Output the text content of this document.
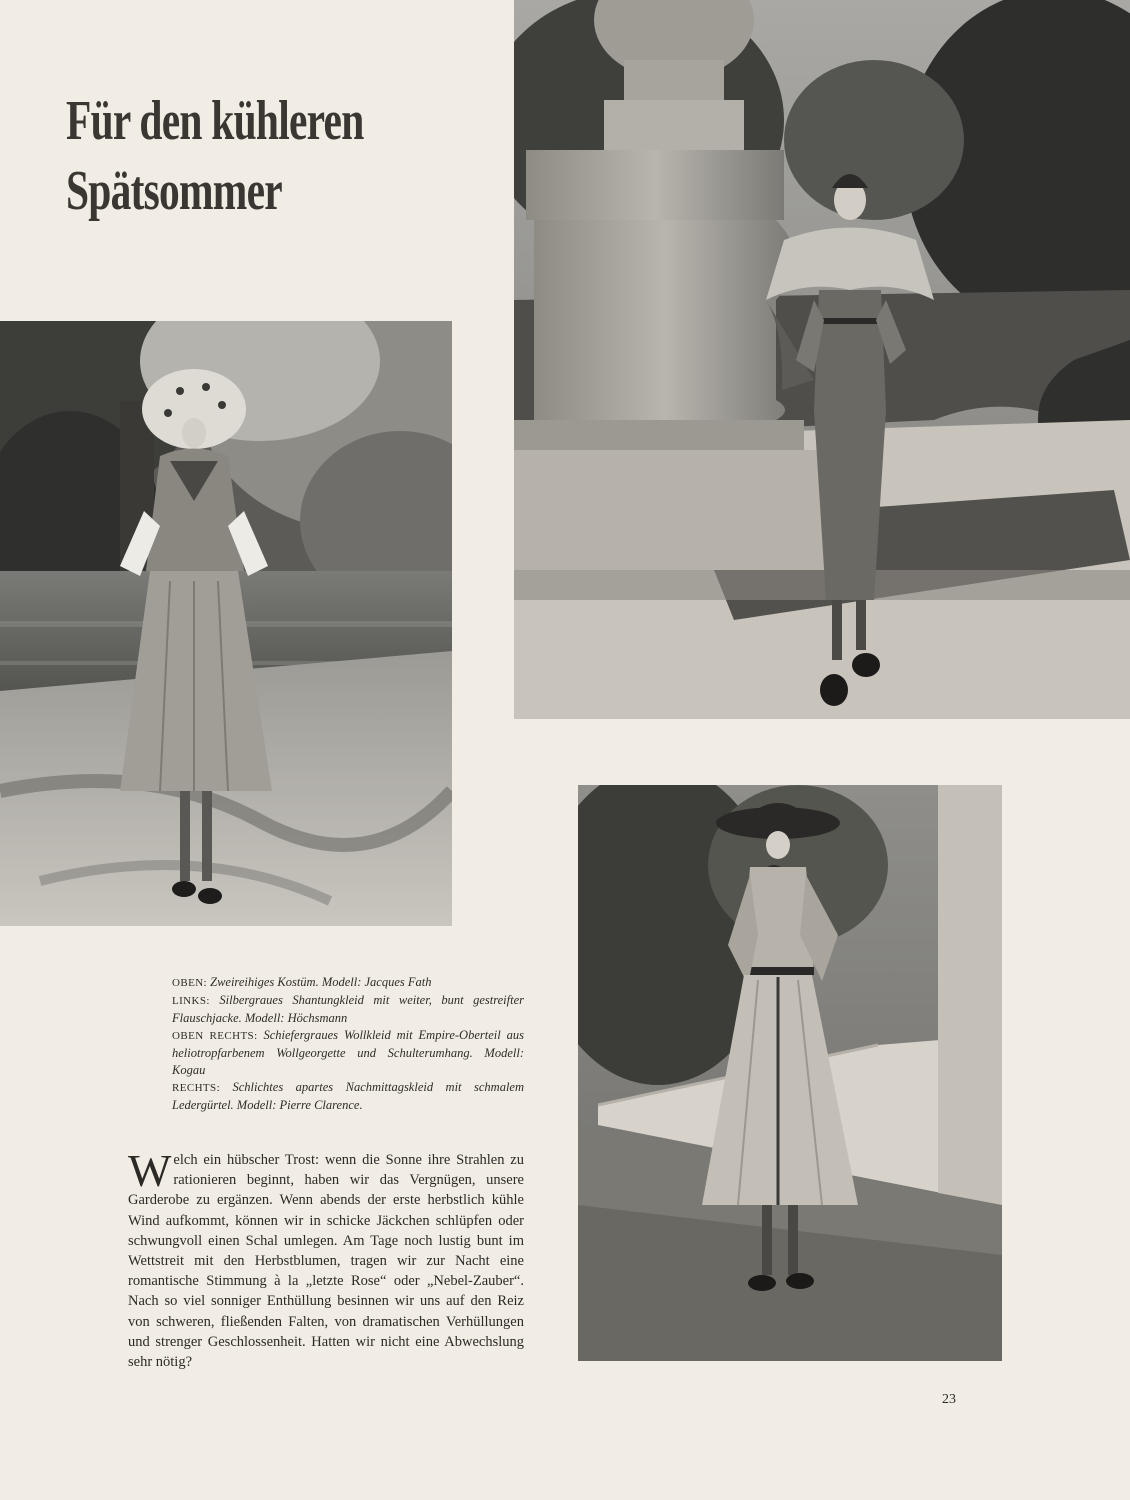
Für den kühleren
Spätsommer

OBEN: Zweireihiges Kostüm. Modell: Jacques Fath

LINKS: Silbergraues Shantungkleid mit weiter, bunt gestreifter Flauschjacke. Modell: Höchsmann

OBEN RECHTS: Schiefergraues Wollkleid mit Empire-Oberteil aus heliotropfarbenem Wollgeorgette und Schulterumhang. Modell: Kogau

RECHTS: Schlichtes apartes Nachmittagskleid mit schmalem Ledergürtel. Modell: Pierre Clarence.

Welch ein hübscher Trost: wenn die Sonne ihre Strahlen zu rationieren beginnt, haben wir das Vergnügen, unsere Garderobe zu ergänzen. Wenn abends der erste herbstlich kühle Wind aufkommt, können wir in schicke Jäckchen schlüpfen oder schwungvoll einen Schal umlegen. Am Tage noch lustig bunt im Wettstreit mit den Herbstblumen, tragen wir zur Nacht eine romantische Stimmung à la „letzte Rose“ oder „Nebel-Zauber“. Nach so viel sonniger Enthüllung besinnen wir uns auf den Reiz von schweren, fließenden Falten, von dramatischen Verhüllungen und strenger Geschlossenheit. Hatten wir nicht eine Abwechslung sehr nötig?
23
